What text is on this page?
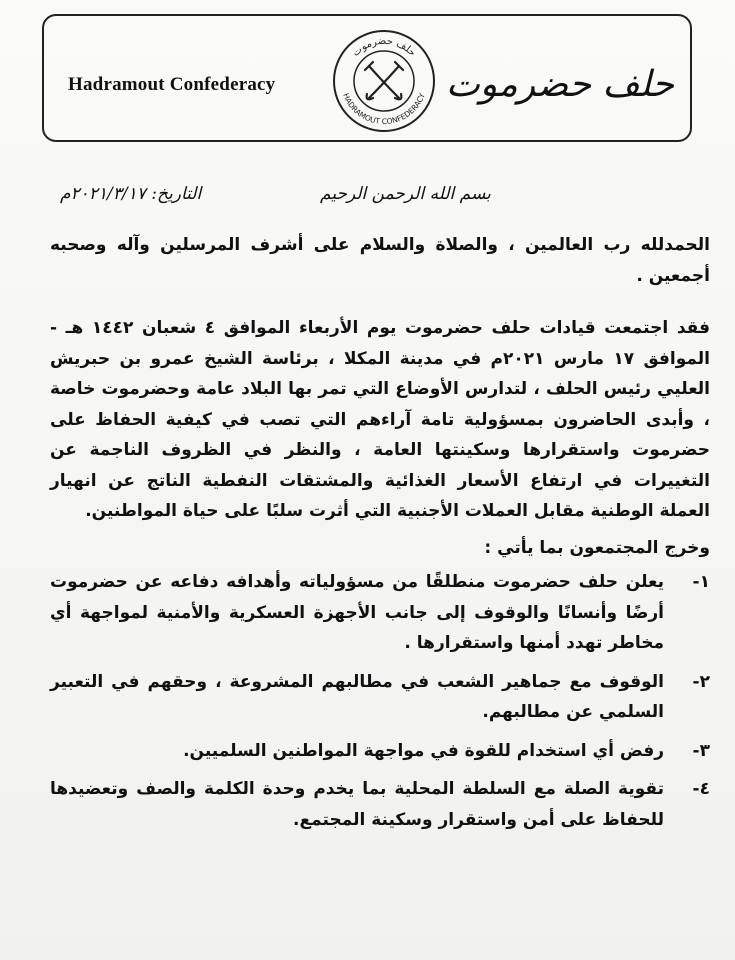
Hadramout Confederacy
حلف حضرموت
HADRAMOUT CONFEDERACY حلف حضرموت
بسم الله الرحمن الرحيم
التاريخ: ٢٠٢١/٣/١٧م

الحمدلله رب العالمين ، والصلاة والسلام على أشرف المرسلين وآله وصحبه أجمعين .

فقد اجتمعت قيادات حلف حضرموت يوم الأربعاء الموافق ٤ شعبان ١٤٤٢ هـ - الموافق ١٧ مارس ٢٠٢١م في مدينة المكلا ، برئاسة الشيخ عمرو بن حبريش العليي رئيس الحلف ، لتدارس الأوضاع التي تمر بها البلاد عامة وحضرموت خاصة ، وأبدى الحاضرون بمسؤولية تامة آراءهم التي تصب في كيفية الحفاظ على حضرموت واستقرارها وسكينتها العامة ، والنظر في الظروف الناجمة عن التغييرات في ارتفاع الأسعار الغذائية والمشتقات النفطية الناتج عن انهيار العملة الوطنية مقابل العملات الأجنبية التي أثرت سلبًا على حياة المواطنين.

وخرج المجتمعون بما يأتي :

١-
يعلن حلف حضرموت منطلقًا من مسؤولياته وأهدافه دفاعه عن حضرموت أرضًا وأنسانًا والوقوف إلى جانب الأجهزة العسكرية والأمنية لمواجهة أي مخاطر تهدد أمنها واستقرارها .
٢-
الوقوف مع جماهير الشعب في مطالبهم المشروعة ، وحقهم في التعبير السلمي عن مطالبهم.
٣-
رفض أي استخدام للقوة في مواجهة المواطنين السلميين.
٤-
تقوية الصلة مع السلطة المحلية بما يخدم وحدة الكلمة والصف وتعضيدها للحفاظ على أمن واستقرار وسكينة المجتمع.
